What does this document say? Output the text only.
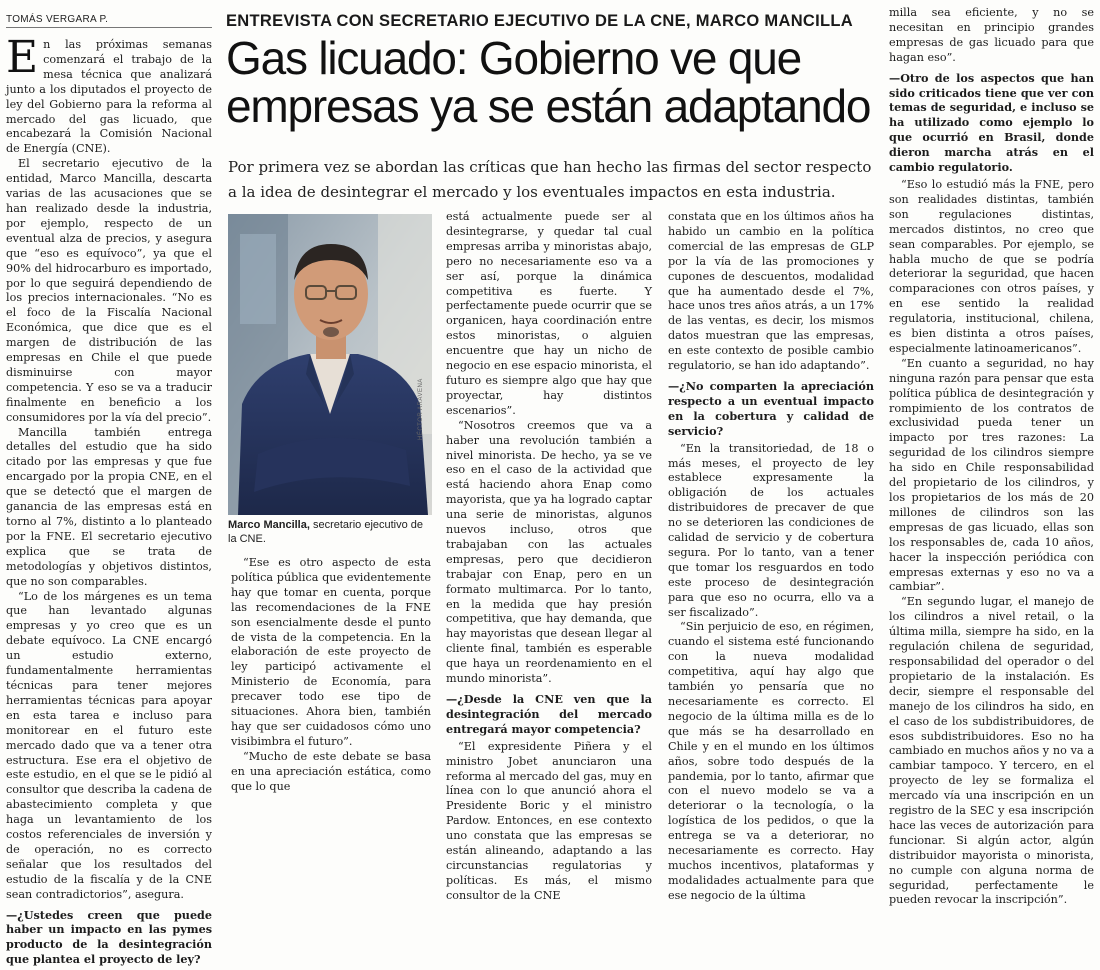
TOMÁS VERGARA P.	ENTREVISTA CON SECRETARIO EJECUTIVO DE LA CNE, MARCO MANCILLA
Gas licuado: Gobierno ve que
empresas ya se están adaptando
Por primera vez se abordan las críticas que han hecho las firmas del sector respecto a la idea de desintegrar el mercado y los eventuales impactos en esta industria.

En las próximas semanas comenzará el trabajo de la mesa técnica que analizará junto a los diputados el proyecto de ley del Gobierno para la reforma al mercado del gas licuado, que encabezará la Comisión Nacional de Energía (CNE).

El secretario ejecutivo de la entidad, Marco Mancilla, descarta varias de las acusaciones que se han realizado desde la industria, por ejemplo, respecto de un eventual alza de precios, y asegura que “eso es equívoco”, ya que el 90% del hidrocarburo es importado, por lo que seguirá dependiendo de los precios internacionales. “No es el foco de la Fiscalía Nacional Económica, que dice que es el margen de distribución de las empresas en Chile el que puede disminuirse con mayor competencia. Y eso se va a traducir finalmente en beneficio a los consumidores por la vía del precio”.

Mancilla también entrega detalles del estudio que ha sido citado por las empresas y que fue encargado por la propia CNE, en el que se detectó que el margen de ganancia de las empresas está en torno al 7%, distinto a lo planteado por la FNE. El secretario ejecutivo explica que se trata de metodologías y objetivos distintos, que no son comparables.

“Lo de los márgenes es un tema que han levantado algunas empresas y yo creo que es un debate equívoco. La CNE encargó un estudio externo, fundamentalmente herramientas técnicas para tener mejores herramientas técnicas para apoyar en esta tarea e incluso para monitorear en el futuro este mercado dado que va a tener otra estructura. Ese era el objetivo de este estudio, en el que se le pidió al consultor que describa la cadena de abastecimiento completa y que haga un levantamiento de los costos referenciales de inversión y de operación, no es correcto señalar que los resultados del estudio de la fiscalía y de la CNE sean contradictorios”, asegura.

—¿Ustedes creen que puede haber un impacto en las pymes producto de la desintegración que plantea el proyecto de ley?

HÉCTOR ARAVENA
Marco Mancilla, secretario ejecutivo de la CNE.

“Ese es otro aspecto de esta política pública que evidentemente hay que tomar en cuenta, porque las recomendaciones de la FNE son esencialmente desde el punto de vista de la competencia. En la elaboración de este proyecto de ley participó activamente el Ministerio de Economía, para precaver todo ese tipo de situaciones. Ahora bien, también hay que ser cuidadosos cómo uno visibimbra el futuro”.

“Mucho de este debate se basa en una apreciación estática, como que lo que

está actualmente puede ser al desintegrarse, y quedar tal cual empresas arriba y minoristas abajo, pero no necesariamente eso va a ser así, porque la dinámica competitiva es fuerte. Y perfectamente puede ocurrir que se organicen, haya coordinación entre estos minoristas, o alguien encuentre que hay un nicho de negocio en ese espacio minorista, el futuro es siempre algo que hay que proyectar, hay distintos escenarios”.

“Nosotros creemos que va a haber una revolución también a nivel minorista. De hecho, ya se ve eso en el caso de la actividad que está haciendo ahora Enap como mayorista, que ya ha logrado captar una serie de minoristas, algunos nuevos incluso, otros que trabajaban con las actuales empresas, pero que decidieron trabajar con Enap, pero en un formato multimarca. Por lo tanto, en la medida que hay presión competitiva, que hay demanda, que hay mayoristas que desean llegar al cliente final, también es esperable que haya un reordenamiento en el mundo minorista”.

—¿Desde la CNE ven que la desintegración del mercado entregará mayor competencia?

“El expresidente Piñera y el ministro Jobet anunciaron una reforma al mercado del gas, muy en línea con lo que anunció ahora el Presidente Boric y el ministro Pardow. Entonces, en ese contexto uno constata que las empresas se están alineando, adaptando a las circunstancias regulatorias y políticas. Es más, el mismo consultor de la CNE

constata que en los últimos años ha habido un cambio en la política comercial de las empresas de GLP por la vía de las promociones y cupones de descuentos, modalidad que ha aumentado desde el 7%, hace unos tres años atrás, a un 17% de las ventas, es decir, los mismos datos muestran que las empresas, en este contexto de posible cambio regulatorio, se han ido adaptando”.

—¿No comparten la apreciación respecto a un eventual impacto en la cobertura y calidad de servicio?

“En la transitoriedad, de 18 o más meses, el proyecto de ley establece expresamente la obligación de los actuales distribuidores de precaver de que no se deterioren las condiciones de calidad de servicio y de cobertura segura. Por lo tanto, van a tener que tomar los resguardos en todo este proceso de desintegración para que eso no ocurra, ello va a ser fiscalizado”.

“Sin perjuicio de eso, en régimen, cuando el sistema esté funcionando con la nueva modalidad competitiva, aquí hay algo que también yo pensaría que no necesariamente es correcto. El negocio de la última milla es de lo que más se ha desarrollado en Chile y en el mundo en los últimos años, sobre todo después de la pandemia, por lo tanto, afirmar que con el nuevo modelo se va a deteriorar o la tecnología, o la logística de los pedidos, o que la entrega se va a deteriorar, no necesariamente es correcto. Hay muchos incentivos, plataformas y modalidades actualmente para que ese negocio de la última

milla sea eficiente, y no se necesitan en principio grandes empresas de gas licuado para que hagan eso”.

—Otro de los aspectos que han sido criticados tiene que ver con temas de seguridad, e incluso se ha utilizado como ejemplo lo que ocurrió en Brasil, donde dieron marcha atrás en el cambio regulatorio.

“Eso lo estudió más la FNE, pero son realidades distintas, también son regulaciones distintas, mercados distintos, no creo que sean comparables. Por ejemplo, se habla mucho de que se podría deteriorar la seguridad, que hacen comparaciones con otros países, y en ese sentido la realidad regulatoria, institucional, chilena, es bien distinta a otros países, especialmente latinoamericanos”.

“En cuanto a seguridad, no hay ninguna razón para pensar que esta política pública de desintegración y rompimiento de los contratos de exclusividad pueda tener un impacto por tres razones: La seguridad de los cilindros siempre ha sido en Chile responsabilidad del propietario de los cilindros, y los propietarios de los más de 20 millones de cilindros son las empresas de gas licuado, ellas son los responsables de, cada 10 años, hacer la inspección periódica con empresas externas y eso no va a cambiar”.

“En segundo lugar, el manejo de los cilindros a nivel retail, o la última milla, siempre ha sido, en la regulación chilena de seguridad, responsabilidad del operador o del propietario de la instalación. Es decir, siempre el responsable del manejo de los cilindros ha sido, en el caso de los subdistribuidores, de esos subdistribuidores. Eso no ha cambiado en muchos años y no va a cambiar tampoco. Y tercero, en el proyecto de ley se formaliza el mercado vía una inscripción en un registro de la SEC y esa inscripción hace las veces de autorización para funcionar. Si algún actor, algún distribuidor mayorista o minorista, no cumple con alguna norma de seguridad, perfectamente le pueden revocar la inscripción”.
